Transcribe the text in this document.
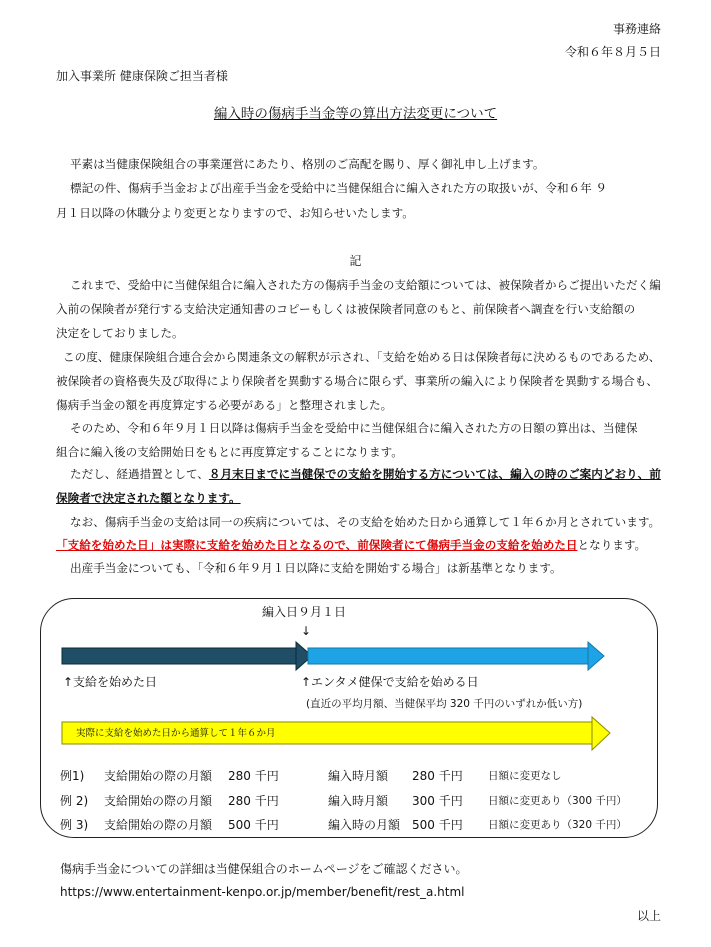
事務連絡
令和６年８月５日
加入事業所 健康保険ご担当者様
編入時の傷病手当金等の算出方法変更について
平素は当健康保険組合の事業運営にあたり、格別のご高配を賜り、厚く御礼申し上げます。
標記の件、傷病手当金および出産手当金を受給中に当健保組合に編入された方の取扱いが、令和６年 ９
月１日以降の休職分より変更となりますので、お知らせいたします。
記
これまで、受給中に当健保組合に編入された方の傷病手当金の支給額については、被保険者からご提出いただく編
入前の保険者が発行する支給決定通知書のコピーもしくは被保険者同意のもと、前保険者へ調査を行い支給額の
決定をしておりました。
この度、健康保険組合連合会から関連条文の解釈が示され、「支給を始める日は保険者毎に決めるものであるため、
被保険者の資格喪失及び取得により保険者を異動する場合に限らず、事業所の編入により保険者を異動する場合も、
傷病手当金の額を再度算定する必要がある」と整理されました。
そのため、令和６年９月１日以降は傷病手当金を受給中に当健保組合に編入された方の日額の算出は、当健保
組合に編入後の支給開始日をもとに再度算定することになります。
ただし、経過措置として、８月末日までに当健保での支給を開始する方については、編入の時のご案内どおり、前
保険者で決定された額となります。
なお、傷病手当金の支給は同一の疾病については、その支給を始めた日から通算して１年６か月とされています。
「支給を始めた日」は実際に支給を始めた日となるので、前保険者にて傷病手当金の支給を始めた日となります。
出産手当金についても、「令和６年９月１日以降に支給を開始する場合」は新基準となります。
編入日９月１日
↓
↑支給を始めた日	↑エンタメ健保で支給を始める日
(直近の平均月額、当健保平均 320 千円のいずれか低い方)
実際に支給を始めた日から通算して１年６か月
例1) 支給開始の際の月額 280 千円	編入時月額 280 千円 日額に変更なし
例 2) 支給開始の際の月額 280 千円	編入時月額 300 千円 日額に変更あり（300 千円）
例 3) 支給開始の際の月額 500 千円	編入時の月額 500 千円 日額に変更あり（320 千円）
傷病手当金についての詳細は当健保組合のホームページをご確認ください。
https://www.entertainment-kenpo.or.jp/member/benefit/rest_a.html
以上
